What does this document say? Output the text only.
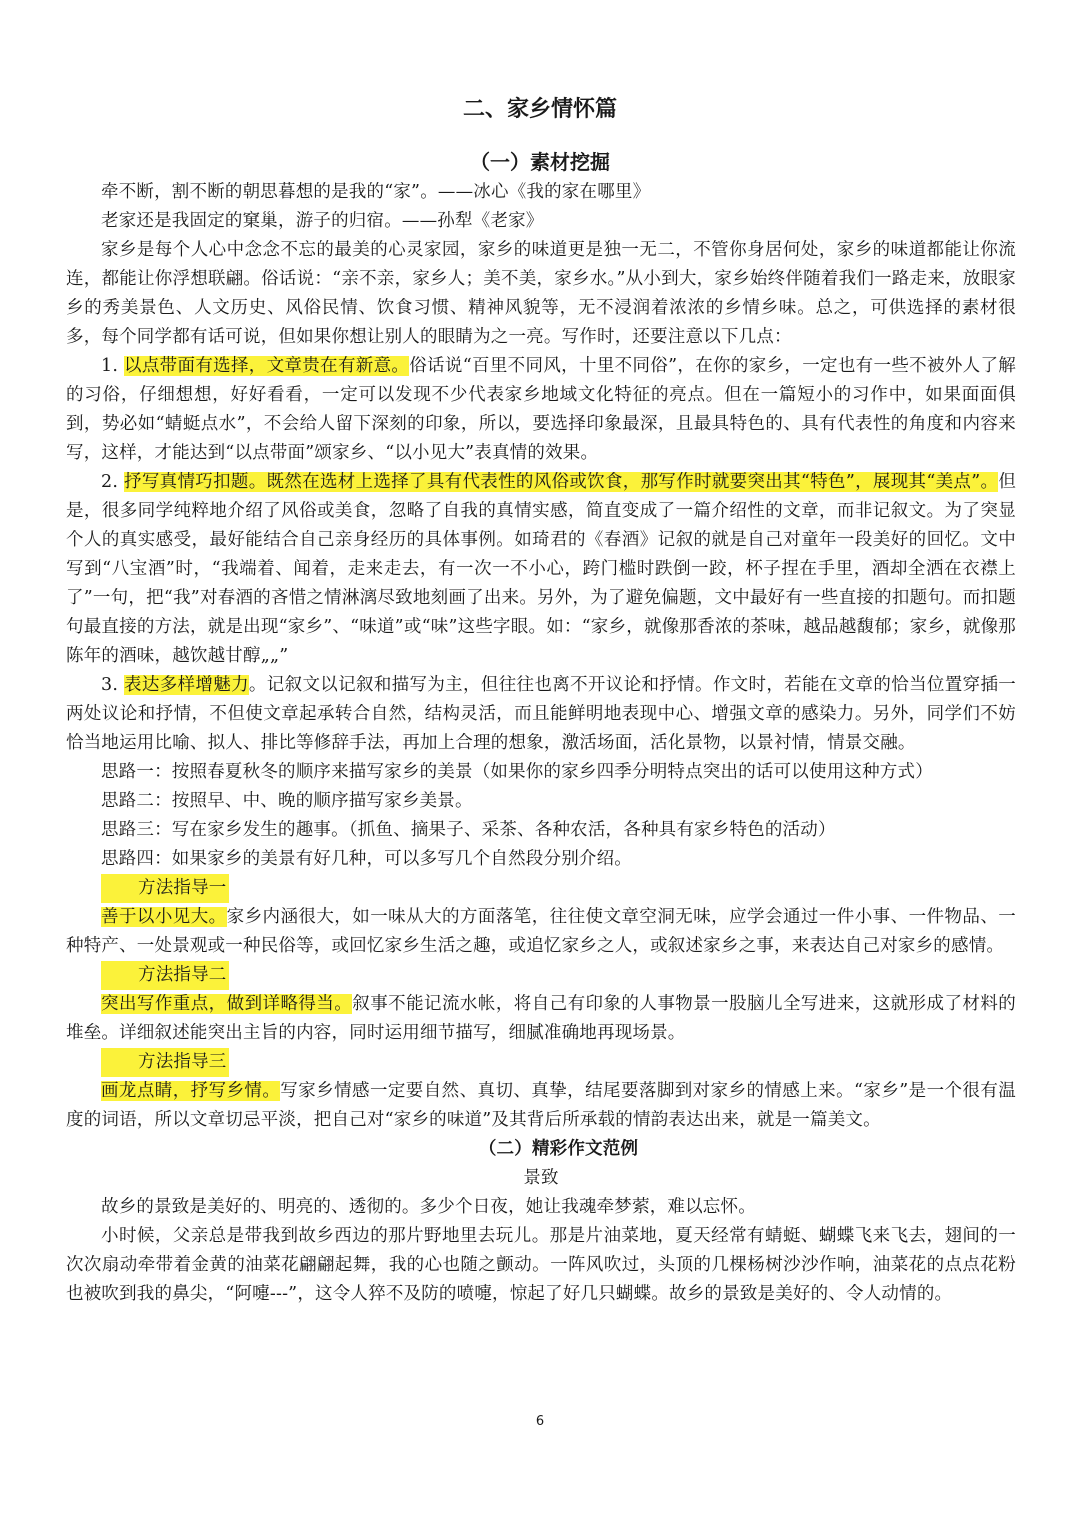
二、家乡情怀篇
（一）素材挖掘

牵不断，割不断的朝思暮想的是我的“家”。——冰心《我的家在哪里》

老家还是我固定的窠巢，游子的归宿。——孙犁《老家》

家乡是每个人心中念念不忘的最美的心灵家园，家乡的味道更是独一无二，不管你身居何处，家乡的味道都能让你流连，都能让你浮想联翩。俗话说：“亲不亲，家乡人；美不美，家乡水。”从小到大，家乡始终伴随着我们一路走来，放眼家乡的秀美景色、人文历史、风俗民情、饮食习惯、精神风貌等，无不浸润着浓浓的乡情乡味。总之，可供选择的素材很多，每个同学都有话可说，但如果你想让别人的眼睛为之一亮。写作时，还要注意以下几点：

1. 以点带面有选择，文章贵在有新意。俗话说“百里不同风，十里不同俗”，在你的家乡，一定也有一些不被外人了解的习俗，仔细想想，好好看看，一定可以发现不少代表家乡地域文化特征的亮点。但在一篇短小的习作中，如果面面俱到，势必如“蜻蜓点水”，不会给人留下深刻的印象，所以，要选择印象最深，且最具特色的、具有代表性的角度和内容来写，这样，才能达到“以点带面”颂家乡、“以小见大”表真情的效果。

2. 抒写真情巧扣题。既然在选材上选择了具有代表性的风俗或饮食，那写作时就要突出其“特色”，展现其“美点”。但是，很多同学纯粹地介绍了风俗或美食，忽略了自我的真情实感，简直变成了一篇介绍性的文章，而非记叙文。为了突显个人的真实感受，最好能结合自己亲身经历的具体事例。如琦君的《春酒》记叙的就是自己对童年一段美好的回忆。文中写到“八宝酒”时，“我端着、闻着，走来走去，有一次一不小心，跨门槛时跌倒一跤，杯子捏在手里，酒却全洒在衣襟上了”一句，把“我”对春酒的吝惜之情淋漓尽致地刻画了出来。另外，为了避免偏题，文中最好有一些直接的扣题句。而扣题句最直接的方法，就是出现“家乡”、“味道”或“味”这些字眼。如：“家乡，就像那香浓的茶味，越品越馥郁；家乡，就像那陈年的酒味，越饮越甘醇„„”

3. 表达多样增魅力。记叙文以记叙和描写为主，但往往也离不开议论和抒情。作文时，若能在文章的恰当位置穿插一两处议论和抒情，不但使文章起承转合自然，结构灵活，而且能鲜明地表现中心、增强文章的感染力。另外，同学们不妨恰当地运用比喻、拟人、排比等修辞手法，再加上合理的想象，激活场面，活化景物，以景衬情，情景交融。

思路一：按照春夏秋冬的顺序来描写家乡的美景（如果你的家乡四季分明特点突出的话可以使用这种方式）

思路二：按照早、中、晚的顺序描写家乡美景。

思路三：写在家乡发生的趣事。（抓鱼、摘果子、采茶、各种农活，各种具有家乡特色的活动）

思路四：如果家乡的美景有好几种，可以多写几个自然段分别介绍。

方法指导一

善于以小见大。家乡内涵很大，如一味从大的方面落笔，往往使文章空洞无味，应学会通过一件小事、一件物品、一种特产、一处景观或一种民俗等，或回忆家乡生活之趣，或追忆家乡之人，或叙述家乡之事，来表达自己对家乡的感情。

方法指导二

突出写作重点，做到详略得当。叙事不能记流水帐，将自己有印象的人事物景一股脑儿全写进来，这就形成了材料的堆垒。详细叙述能突出主旨的内容，同时运用细节描写，细腻准确地再现场景。

方法指导三

画龙点睛，抒写乡情。写家乡情感一定要自然、真切、真挚，结尾要落脚到对家乡的情感上来。“家乡”是一个很有温度的词语，所以文章切忌平淡，把自己对“家乡的味道”及其背后所承载的情韵表达出来，就是一篇美文。

（二）精彩作文范例

景致

故乡的景致是美好的、明亮的、透彻的。多少个日夜，她让我魂牵梦萦，难以忘怀。

小时候，父亲总是带我到故乡西边的那片野地里去玩儿。那是片油菜地，夏天经常有蜻蜓、蝴蝶飞来飞去，翅间的一次次扇动牵带着金黄的油菜花翩翩起舞，我的心也随之颤动。一阵风吹过，头顶的几棵杨树沙沙作响，油菜花的点点花粉也被吹到我的鼻尖，“阿嚏---”，这令人猝不及防的喷嚏，惊起了好几只蝴蝶。故乡的景致是美好的、令人动情的。

6
